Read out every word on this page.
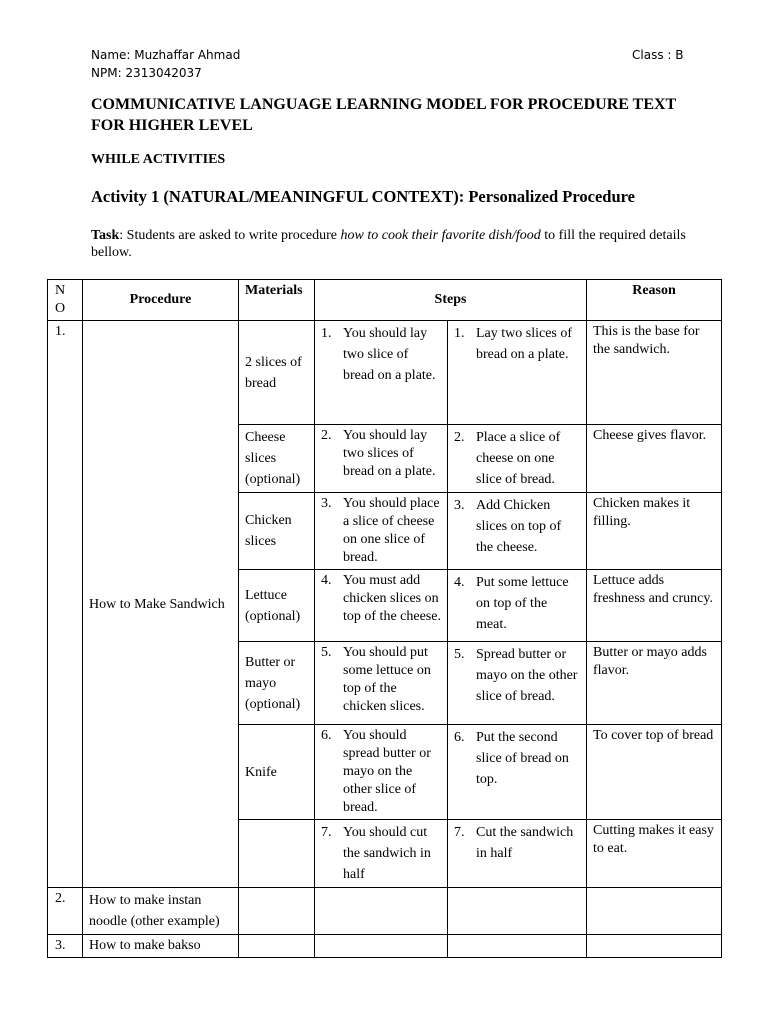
Name: Muzhaffar Ahmad
NPM: 2313042037
Class : B
COMMUNICATIVE LANGUAGE LEARNING MODEL FOR PROCEDURE TEXT FOR HIGHER LEVEL
WHILE ACTIVITIES
Activity 1 (NATURAL/MEANINGFUL CONTEXT): Personalized Procedure
Task: Students are asked to write procedure how to cook their favorite dish/food to fill the required details bellow.
N O	Procedure	Materials	Steps		Reason
1.	How to Make Sandwich	2 slices of bread	1. You should lay two slice of bread on a plate.	1. Lay two slices of bread on a plate.	This is the base for the sandwich.
		Cheese slices (optional)	2. You should lay two slices of bread on a plate.	2. Place a slice of cheese on one slice of bread.	Cheese gives flavor.
		Chicken slices	3. You should place a slice of cheese on one slice of bread.	3. Add Chicken slices on top of the cheese.	Chicken makes it filling.
		Lettuce (optional)	4. You must add chicken slices on top of the cheese.	4. Put some lettuce on top of the meat.	Lettuce adds freshness and cruncy.
		Butter or mayo (optional)	5. You should put some lettuce on top of the chicken slices.	5. Spread butter or mayo on the other slice of bread.	Butter or mayo adds flavor.
		Knife	6. You should spread butter or mayo on the other slice of bread.	6. Put the second slice of bread on top.	To cover top of bread

			7. You should cut the sandwich in half	7. Cut the sandwich in half	Cutting makes it easy to eat.
2.	How to make instan noodle (other example)				
3.	How to make bakso				
